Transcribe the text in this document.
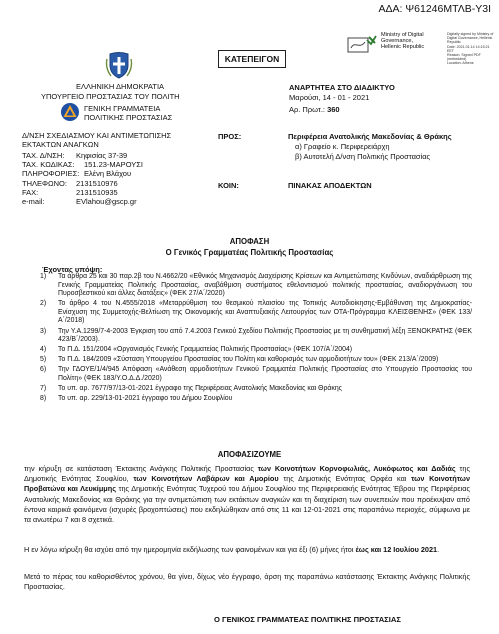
ΑΔΑ: Ψ61246ΜΤΛΒ-Υ3Ι
Ministry of Digital
Governance,
Hellenic Republic
Digitally signed by Ministry of
Digital Governance, Hellenic
Republic
Date: 2021.01.14 14:15:21
EET
Reason: Signed PDF
(embedded)
Location: Athens
ΚΑΤΕΠΕΙΓΟΝ
ΕΛΛΗΝΙΚΗ ΔΗΜΟΚΡΑΤΙΑ
ΥΠΟΥΡΓΕΙΟ ΠΡΟΣΤΑΣΙΑΣ ΤΟΥ ΠΟΛΙΤΗ
ΓΕΝΙΚΗ ΓΡΑΜΜΑΤΕΙΑ
ΠΟΛΙΤΙΚΗΣ ΠΡΟΣΤΑΣΙΑΣ
Δ/ΝΣΗ ΣΧΕΔΙΑΣΜΟΥ ΚΑΙ ΑΝΤΙΜΕΤΩΠΙΣΗΣ
ΕΚΤΑΚΤΩΝ ΑΝΑΓΚΩΝ
ΤΑΧ. Δ/ΝΣΗ:	Κηφισίας 37-39
ΤΑΧ. ΚΩΔΙΚΑΣ:	151.23-ΜΑΡΟΥΣΙ
ΠΛΗΡΟΦΟΡΙΕΣ: Ελένη Βλάχου
ΤΗΛΕΦΩΝΟ:	2131510976
FAX:	2131510935
e-mail:	EVlahou@gscp.gr
ΑΝΑΡΤΗΤΕΑ ΣΤΟ ΔΙΑΔΙΚΤΥΟ
Μαρούσι, 14 - 01 - 2021
Αρ. Πρωτ.: 360
ΠΡΟΣ:	Περιφέρεια Ανατολικής Μακεδονίας & Θράκης
α) Γραφείο κ. Περιφερειάρχη
β) Αυτοτελή Δ/νση Πολιτικής Προστασίας
ΚΟΙΝ:	ΠΙΝΑΚΑΣ ΑΠΟΔΕΚΤΩΝ
ΑΠΟΦΑΣΗ
Ο Γενικός Γραμματέας Πολιτικής Προστασίας
Έχοντας υπόψη:
1)	Τα άρθρα 25 και 30 παρ.2β του Ν.4662/20 «Εθνικός Μηχανισμός Διαχείρισης Κρίσεων και Αντιμετώπισης Κινδύνων, αναδιάρθρωση της Γενικής Γραμματείας Πολιτικής Προστασίας, αναβάθμιση συστήματος εθελοντισμού πολιτικής προστασίας, αναδιοργάνωση του Πυροσβεστικού και άλλες διατάξεις» (ΦΕΚ 27/Α΄/2020)
2)	Το άρθρο 4 του Ν.4555/2018 «Μεταρρύθμιση του θεσμικού πλαισίου της Τοπικής Αυτοδιοίκησης-Εμβάθυνση της Δημοκρατίας-Ενίσχυση της Συμμετοχής-Βελτίωση της Οικονομικής και Αναπτυξιακής Λειτουργίας των ΟΤΑ-Πρόγραμμα ΚΛΕΙΣΘΕΝΗΣ» (ΦΕΚ 133/Α΄/2018)
3)	Την Υ.Α.1299/7-4-2003 Έγκριση του από 7.4.2003 Γενικού Σχεδίου Πολιτικής Προστασίας με τη συνθηματική λέξη ΞΕΝΟΚΡΑΤΗΣ (ΦΕΚ 423/Β΄/2003).
4)	Το Π.Δ. 151/2004 «Οργανισμός Γενικής Γραμματείας Πολιτικής Προστασίας» (ΦΕΚ 107/Α΄/2004)
5)	Το Π.Δ. 184/2009 «Σύσταση Υπουργείου Προστασίας του Πολίτη και καθορισμός των αρμοδιοτήτων του» (ΦΕΚ 213/Α΄/2009)
6)	Την ΓΔΟΥΕ/1/4/945 Απόφαση «Ανάθεση αρμοδιοτήτων Γενικού Γραμματέα Πολιτικής Προστασίας στο Υπουργείο Προστασίας του Πολίτη» (ΦΕΚ 183/Υ.Ο.Δ.Δ./2020)
7)	Το υπ. αρ. 7677/97/13-01-2021 έγγραφο της Περιφέρειας Ανατολικής Μακεδονίας και Θράκης
8)	Το υπ. αρ. 229/13-01-2021 έγγραφο του Δήμου Σουφλίου
ΑΠΟΦΑΣΙΖΟΥΜΕ
την κήρυξη σε κατάσταση Έκτακτης Ανάγκης Πολιτικής Προστασίας των Κοινοτήτων Κορνοφωλιάς, Λυκόφωτος και Δαδιάς της Δημοτικής Ενότητας Σουφλίου, των Κοινοτήτων Λαβάρων και Αμορίου της Δημοτικής Ενότητας Ορφέα και των Κοινοτήτων Προβατώνα και Λευκίμμης της Δημοτικής Ενότητας Τυχερού του Δήμου Σουφλίου της Περιφερειακής Ενότητας Έβρου της Περιφέρειας Ανατολικής Μακεδονίας και Θράκης για την αντιμετώπιση των εκτάκτων αναγκών και τη διαχείριση των συνεπειών που προέκυψαν από έντονα καιρικά φαινόμενα (ισχυρές βροχοπτώσεις) που εκδηλώθηκαν από στις 11 και 12-01-2021 στις παραπάνω περιοχές, σύμφωνα με τα ανωτέρω 7 και 8 σχετικά.
Η εν λόγω κήρυξη θα ισχύει από την ημερομηνία εκδήλωσης των φαινομένων και για έξι (6) μήνες ήτοι έως και 12 Ιουλίου 2021.
Μετά το πέρας του καθορισθέντος χρόνου, θα γίνει, δίχως νέο έγγραφο, άρση της παραπάνω κατάστασης Έκτακτης Ανάγκης Πολιτικής Προστασίας.
Ο ΓΕΝΙΚΟΣ ΓΡΑΜΜΑΤΕΑΣ ΠΟΛΙΤΙΚΗΣ ΠΡΟΣΤΑΣΙΑΣ
